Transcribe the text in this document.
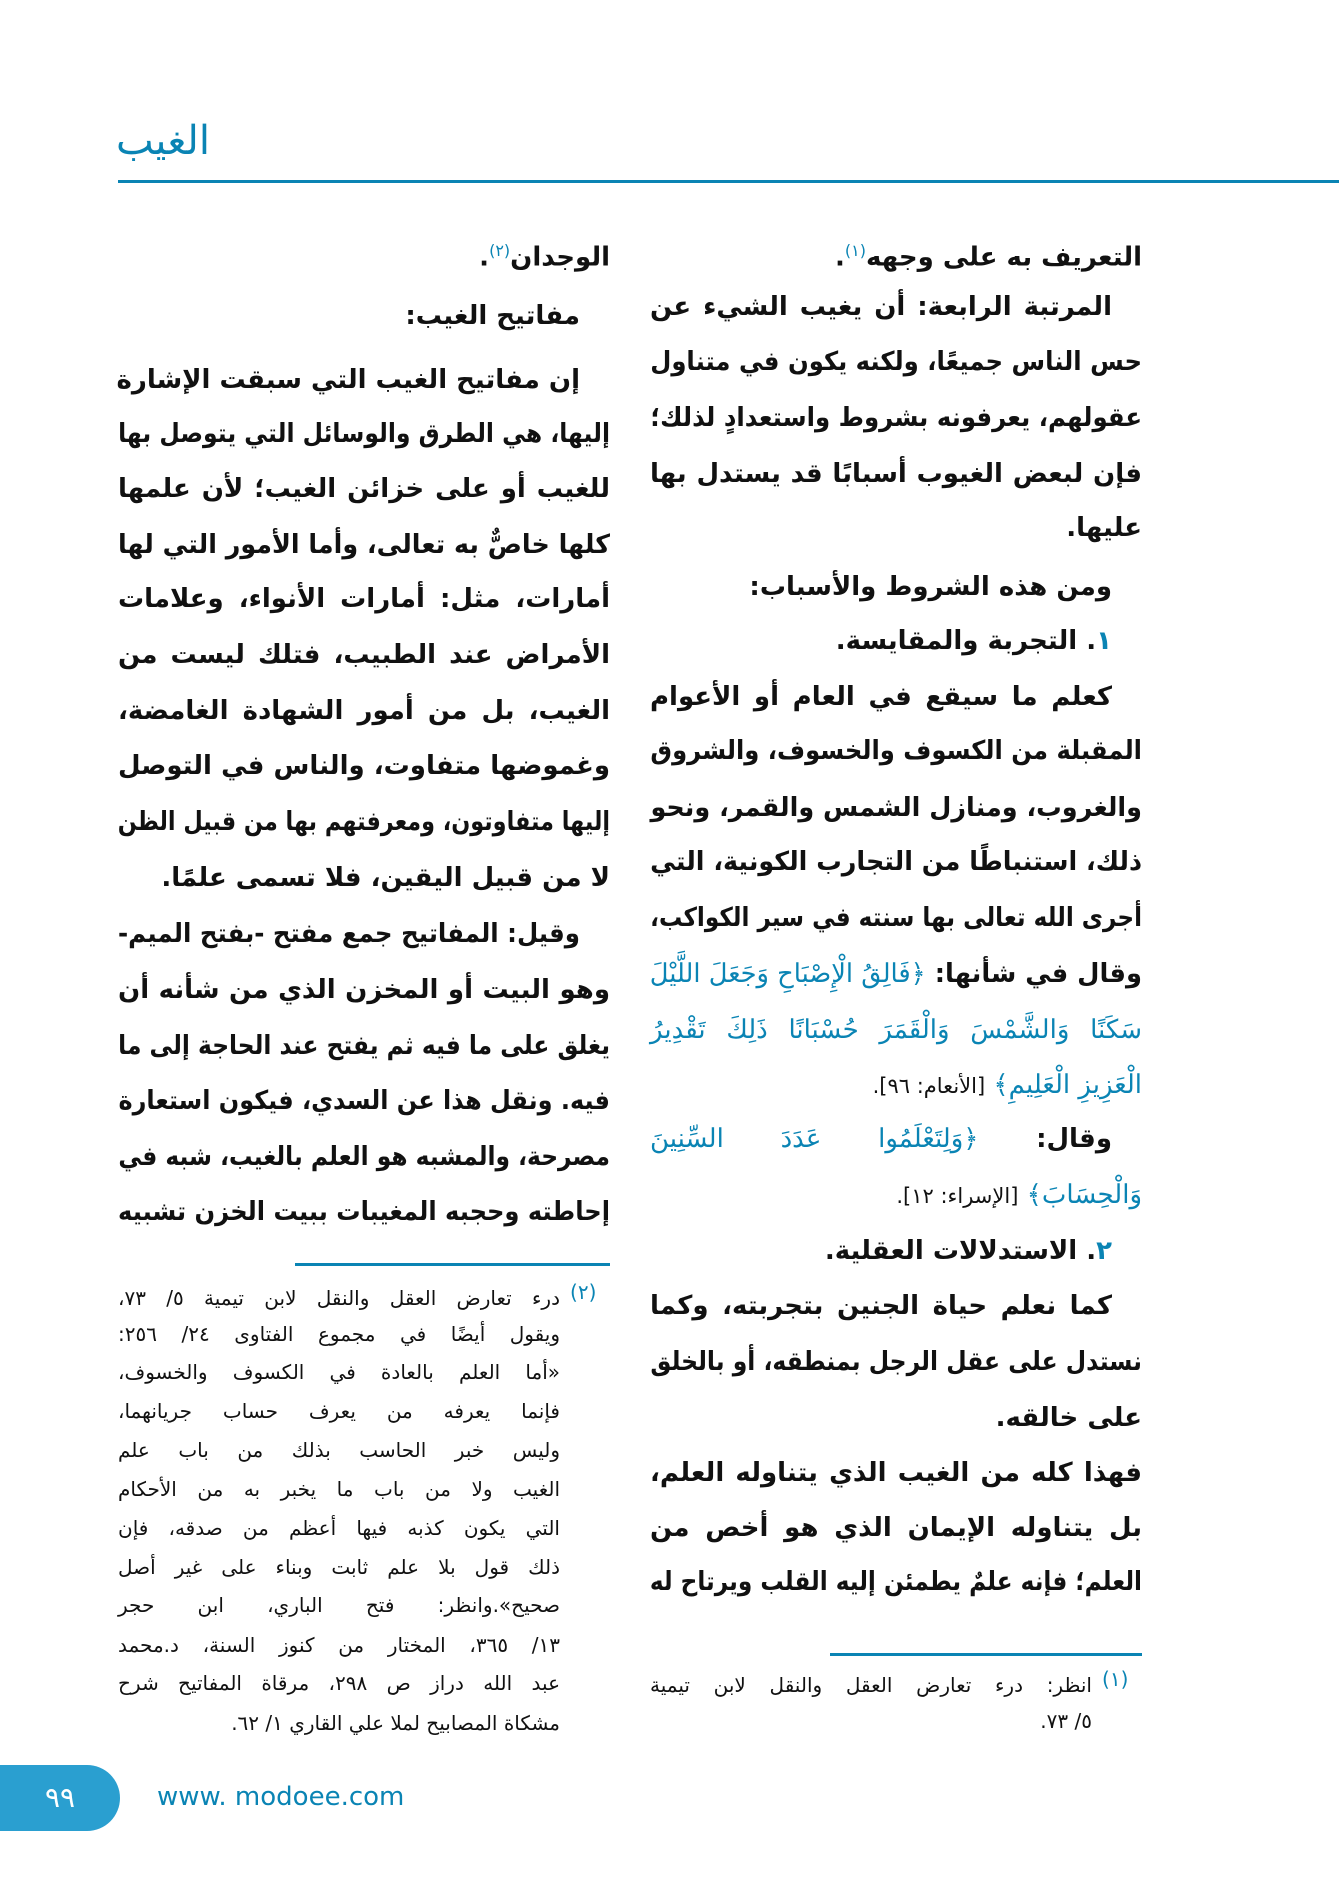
الغيب
التعريف به على وجهه$^{(١)}$.
المرتبة الرابعة: أن يغيب الشيء عن
حس الناس جميعًا، ولكنه يكون في متناول
عقولهم، يعرفونه بشروط واستعدادٍ لذلك؛
فإن لبعض الغيوب أسبابًا قد يستدل بها
عليها.
ومن هذه الشروط والأسباب:
١. التجربة والمقايسة.
كعلم ما سيقع في العام أو الأعوام
المقبلة من الكسوف والخسوف، والشروق
والغروب، ومنازل الشمس والقمر، ونحو
ذلك، استنباطًا من التجارب الكونية، التي
أجرى الله تعالى بها سنته في سير الكواكب،
وقال في شأنها: ﴿فَالِقُ الْإِصْبَاحِ وَجَعَلَ اللَّيْلَ
سَكَنًا وَالشَّمْسَ وَالْقَمَرَ حُسْبَانًا ذَلِكَ تَقْدِيرُ
الْعَزِيزِ الْعَلِيمِ﴾ [الأنعام: ٩٦].
وقال: ﴿وَلِتَعْلَمُوا عَدَدَ السِّنِينَ
وَالْحِسَابَ﴾ [الإسراء: ١٢].
٢. الاستدلالات العقلية.
كما نعلم حياة الجنين بتجربته، وكما
نستدل على عقل الرجل بمنطقه، أو بالخلق
على خالقه.
فهذا كله من الغيب الذي يتناوله العلم،
بل يتناوله الإيمان الذي هو أخص من
العلم؛ فإنه علمٌ يطمئن إليه القلب ويرتاح له
الوجدان$^{(٢)}$.
مفاتيح الغيب:
إن مفاتيح الغيب التي سبقت الإشارة
إليها، هي الطرق والوسائل التي يتوصل بها
للغيب أو على خزائن الغيب؛ لأن علمها
كلها خاصٌّ به تعالى، وأما الأمور التي لها
أمارات، مثل: أمارات الأنواء، وعلامات
الأمراض عند الطبيب، فتلك ليست من
الغيب، بل من أمور الشهادة الغامضة،
وغموضها متفاوت، والناس في التوصل
إليها متفاوتون، ومعرفتهم بها من قبيل الظن
لا من قبيل اليقين، فلا تسمى علمًا.
وقيل: المفاتيح جمع مفتح -بفتح الميم-
وهو البيت أو المخزن الذي من شأنه أن
يغلق على ما فيه ثم يفتح عند الحاجة إلى ما
فيه. ونقل هذا عن السدي، فيكون استعارة
مصرحة، والمشبه هو العلم بالغيب، شبه في
إحاطته وحجبه المغيبات ببيت الخزن تشبيه
(١)
انظر: درء تعارض العقل والنقل لابن تيمية
٥/ ٧٣.
(٢)
درء تعارض العقل والنقل لابن تيمية ٥/ ٧٣،
ويقول أيضًا في مجموع الفتاوى ٢٤/ ٢٥٦:
«أما العلم بالعادة في الكسوف والخسوف،
فإنما يعرفه من يعرف حساب جريانهما،
وليس خبر الحاسب بذلك من باب علم
الغيب ولا من باب ما يخبر به من الأحكام
التي يكون كذبه فيها أعظم من صدقه، فإن
ذلك قول بلا علم ثابت وبناء على غير أصل
صحيح».وانظر: فتح الباري، ابن حجر
١٣/ ٣٦٥، المختار من كنوز السنة، د.محمد
عبد الله دراز ص ٢٩٨، مرقاة المفاتيح شرح
مشكاة المصابيح لملا علي القاري ١/ ٦٢.
٩٩	www. modoee.com
